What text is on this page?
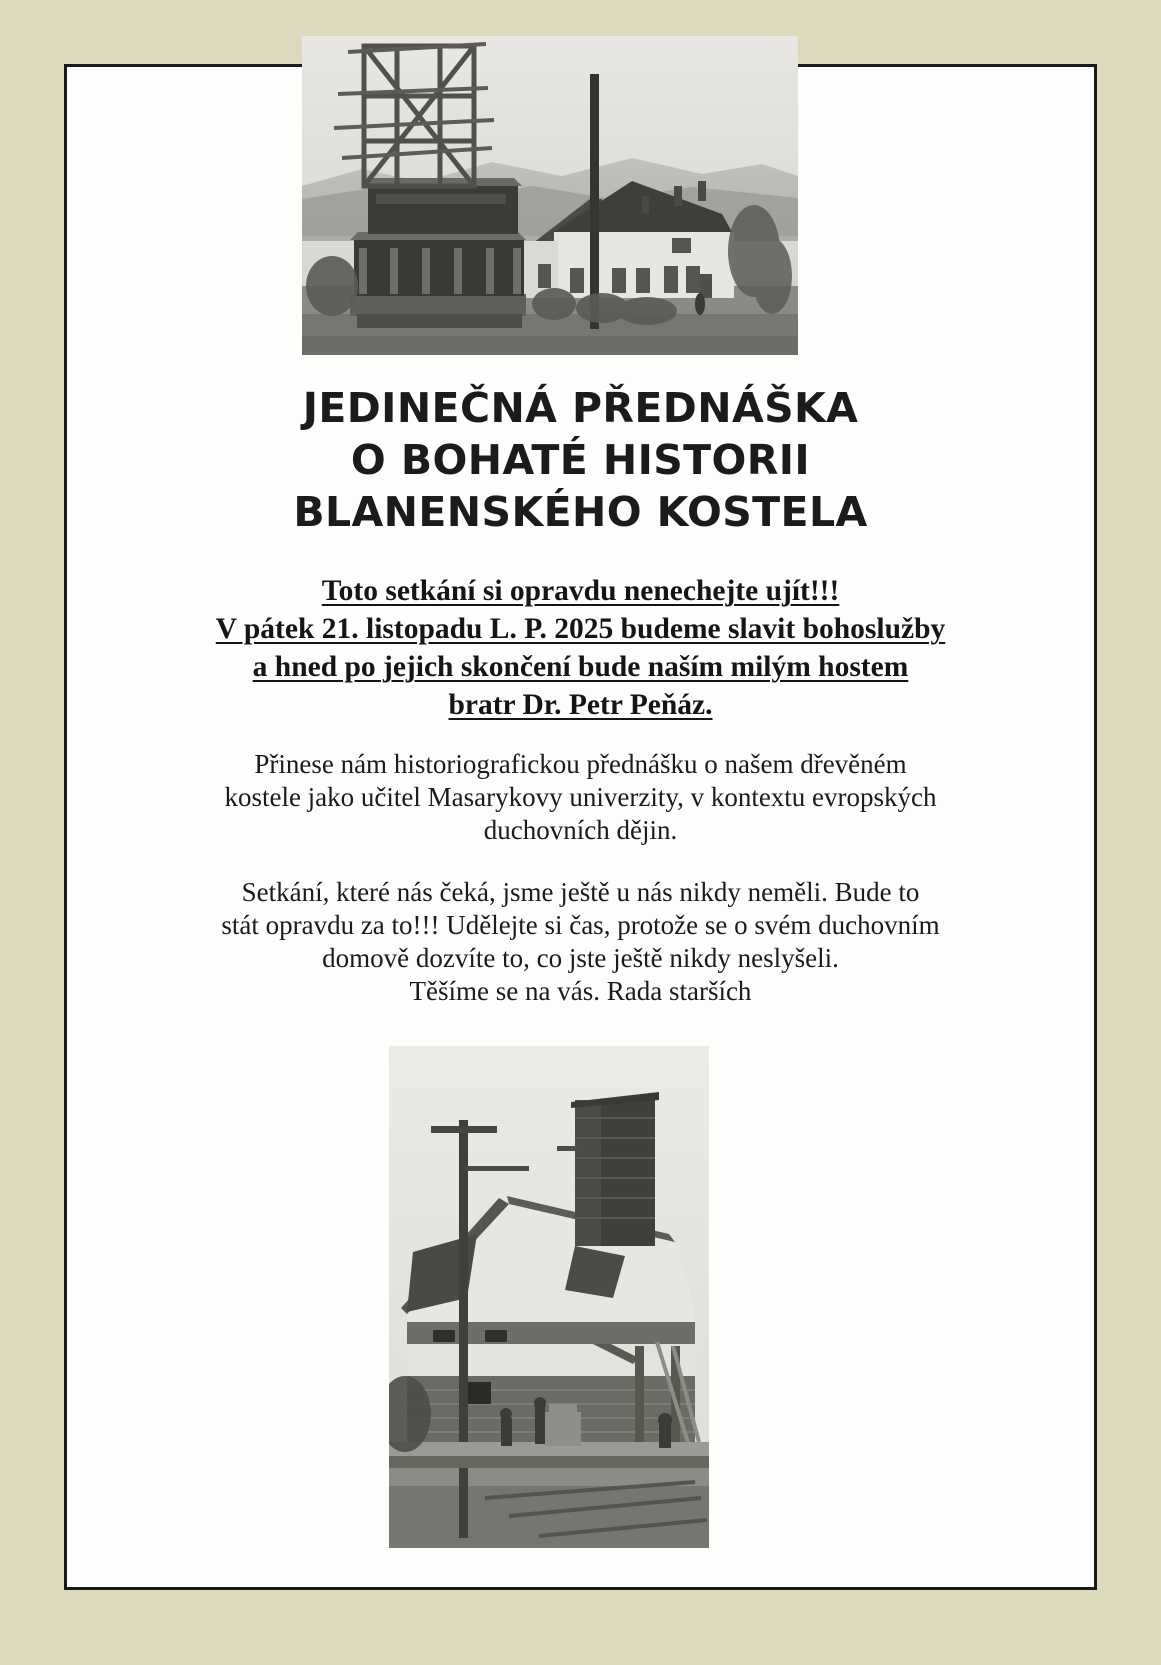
JEDINEČNÁ PŘEDNÁŠKA
O BOHATÉ HISTORII
BLANENSKÉHO KOSTELA
Toto setkání si opravdu nenechejte ujít!!!
V pátek 21. listopadu L. P. 2025 budeme slavit bohoslužby
a hned po jejich skončení bude naším milým hostem
bratr Dr. Petr Peňáz.
Přinese nám historiografickou přednášku o našem dřevěném
kostele jako učitel Masarykovy univerzity, v kontextu evropských
duchovních dějin.
Setkání, které nás čeká, jsme ještě u nás nikdy neměli. Bude to
stát opravdu za to!!! Udělejte si čas, protože se o svém duchovním
domově dozvíte to, co jste ještě nikdy neslyšeli.
Těšíme se na vás. Rada starších
